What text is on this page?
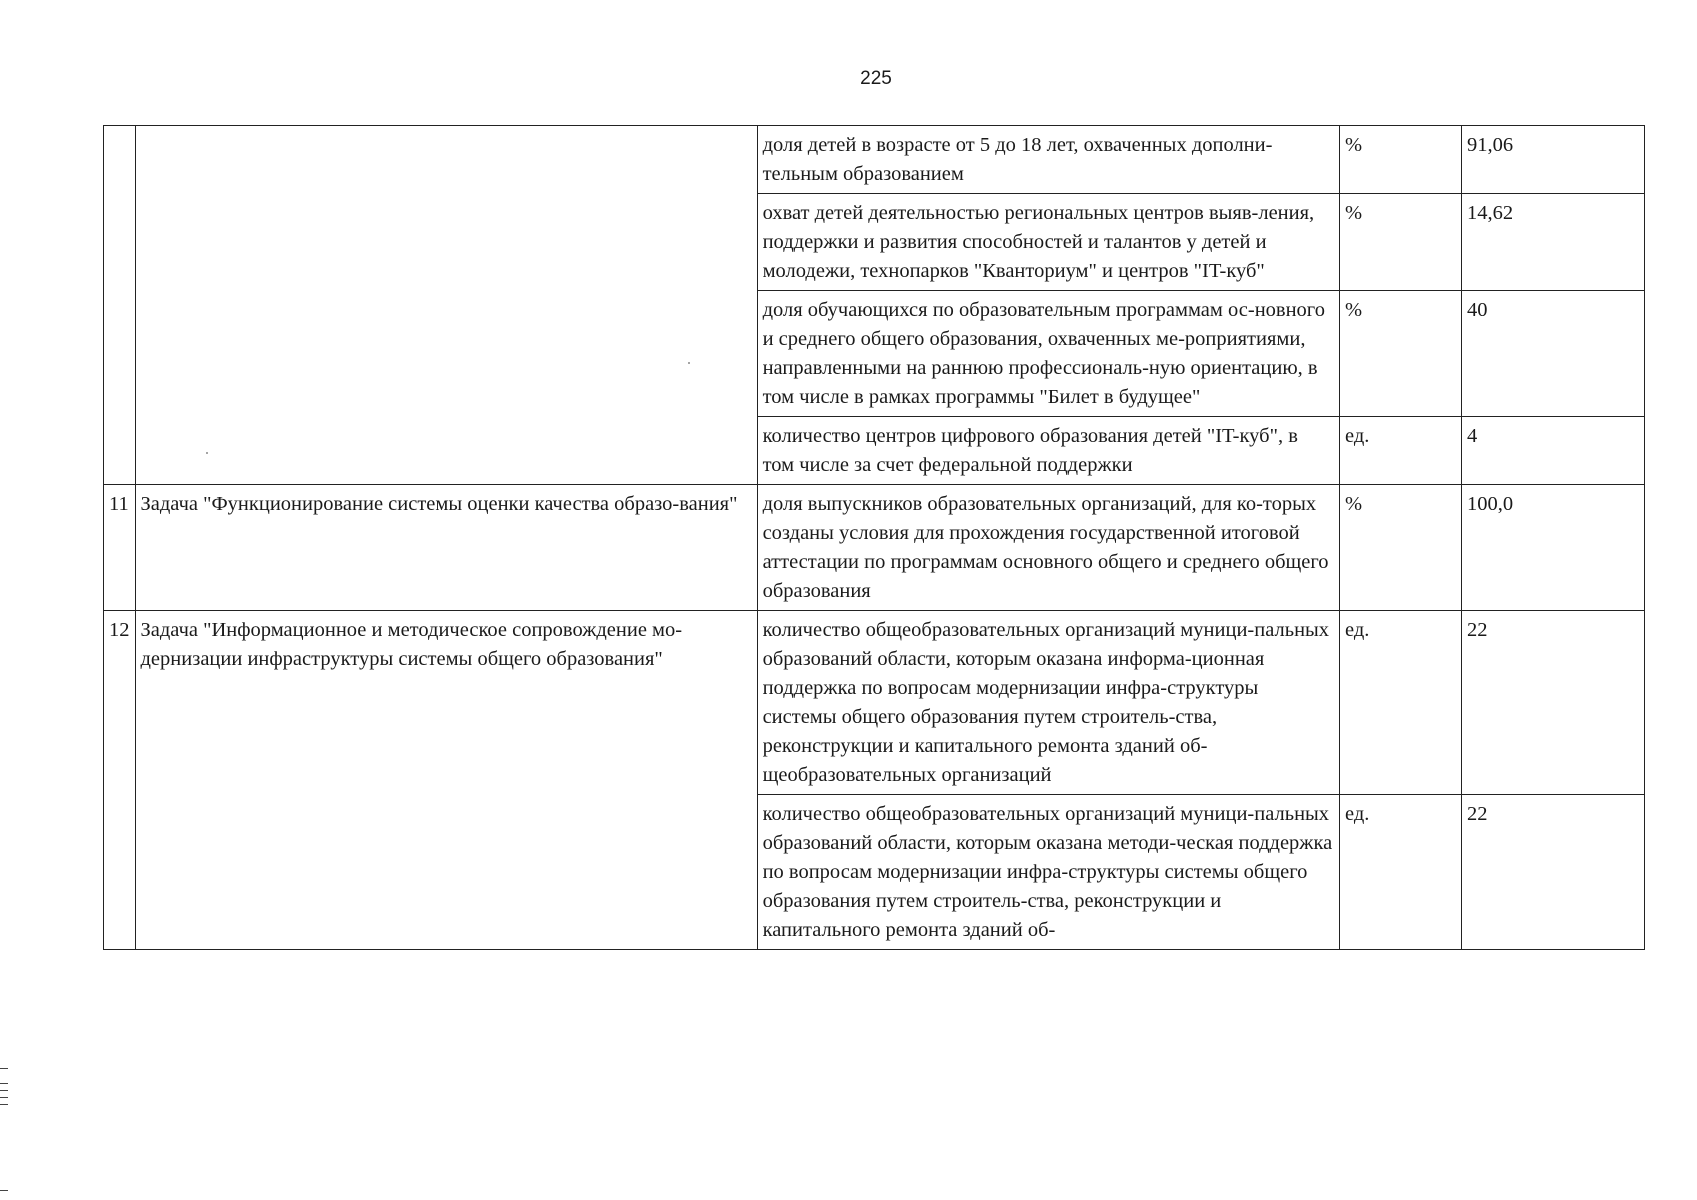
225
		доля детей в возрасте от 5 до 18 лет, охваченных дополни-тельным образованием	%	91,06
		охват детей деятельностью региональных центров выяв-ления, поддержки и развития способностей и талантов у детей и молодежи, технопарков "Кванториум" и центров "IT-куб"	%	14,62
		доля обучающихся по образовательным программам ос-новного и среднего общего образования, охваченных ме-роприятиями, направленными на раннюю профессиональ-ную ориентацию, в том числе в рамках программы "Билет в будущее"	%	40
		количество центров цифрового образования детей "IT-куб", в том числе за счет федеральной поддержки	ед.	4
11	Задача "Функционирование системы оценки качества образо-вания"	доля выпускников образовательных организаций, для ко-торых созданы условия для прохождения государственной итоговой аттестации по программам основного общего и среднего общего образования	%	100,0
12	Задача "Информационное и методическое сопровождение мо-дернизации инфраструктуры системы общего образования"	количество общеобразовательных организаций муници-пальных образований области, которым оказана информа-ционная поддержка по вопросам модернизации инфра-структуры системы общего образования путем строитель-ства, реконструкции и капитального ремонта зданий об-щеобразовательных организаций	ед.	22
		количество общеобразовательных организаций муници-пальных образований области, которым оказана методи-ческая поддержка по вопросам модернизации инфра-структуры системы общего образования путем строитель-ства, реконструкции и капитального ремонта зданий об-	ед.	22
